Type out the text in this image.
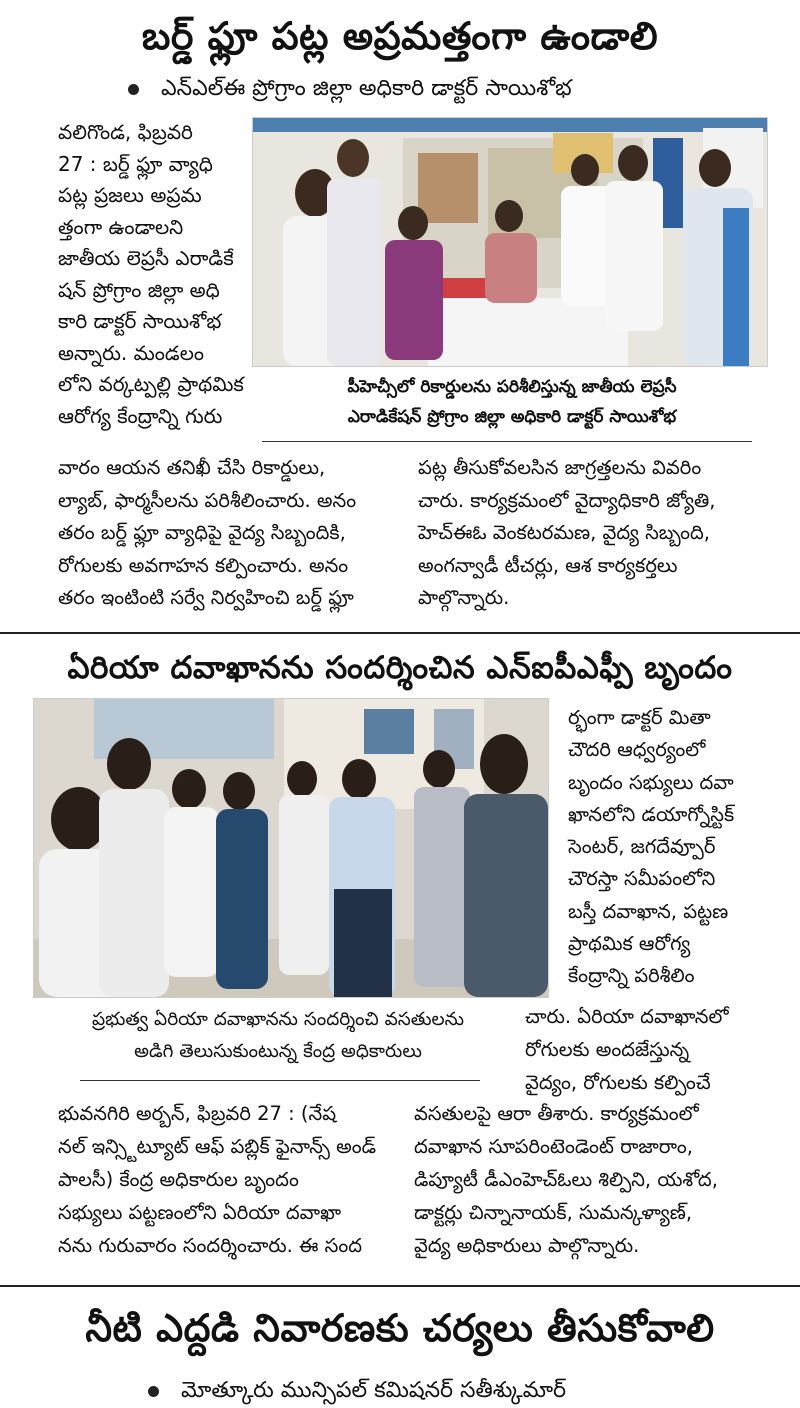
బర్డ్ ఫ్లూ పట్ల అప్రమత్తంగా ఉండాలి
ఎన్ఎల్ఈ ప్రోగ్రాం జిల్లా అధికారి డాక్టర్ సాయిశోభ
వలిగొండ, ఫిబ్రవరి
27 : బర్డ్ ఫ్లూ వ్యాధి
పట్ల ప్రజలు అప్రమ
త్తంగా ఉండాలని
జాతీయ లెప్రసీ ఎరాడికే
షన్ ప్రోగ్రాం జిల్లా అధి
కారి డాక్టర్ సాయిశోభ
అన్నారు. మండలం
లోని వర్కట్పల్లి ప్రాథమిక
ఆరోగ్య కేంద్రాన్ని గురు
పీహెచ్సీలో రికార్డులను పరిశీలిస్తున్న జాతీయ లెప్రసీ
ఎరాడికేషన్ ప్రోగ్రాం జిల్లా అధికారి డాక్టర్ సాయిశోభ
వారం ఆయన తనిఖీ చేసి రికార్డులు,
ల్యాబ్, ఫార్మసీలను పరిశీలించారు. అనం
తరం బర్డ్ ఫ్లూ వ్యాధిపై వైద్య సిబ్బందికి,
రోగులకు అవగాహన కల్పించారు. అనం
తరం ఇంటింటి సర్వే నిర్వహించి బర్డ్ ఫ్లూ
పట్ల తీసుకోవలసిన జాగ్రత్తలను వివరిం
చారు. కార్యక్రమంలో వైద్యాధికారి జ్యోతి,
హెచ్ఈఓ వెంకటరమణ, వైద్య సిబ్బంది,
అంగన్వాడీ టీచర్లు, ఆశ కార్యకర్తలు
పాల్గొన్నారు.
ఏరియా దవాఖానను సందర్శించిన ఎన్ఐపీఎఫ్పీ బృందం
ర్భంగా డాక్టర్ మితా
చౌదరి ఆధ్వర్యంలో
బృందం సభ్యులు దవా
ఖానలోని డయాగ్నోస్టిక్
సెంటర్, జగదేవ్పూర్
చౌరస్తా సమీపంలోని
బస్తీ దవాఖాన, పట్టణ
ప్రాథమిక ఆరోగ్య
కేంద్రాన్ని పరిశీలిం
చారు. ఏరియా దవాఖానలో
రోగులకు అందజేస్తున్న
వైద్యం, రోగులకు కల్పించే
ప్రభుత్వ ఏరియా దవాఖానను సందర్శించి వసతులను
అడిగి తెలుసుకుంటున్న కేంద్ర అధికారులు
భువనగిరి అర్బన్, ఫిబ్రవరి 27 : (నేష
నల్ ఇన్స్టిట్యూట్ ఆఫ్ పబ్లిక్ ఫైనాన్స్ అండ్
పాలసీ) కేంద్ర అధికారుల బృందం
సభ్యులు పట్టణంలోని ఏరియా దవాఖా
నను గురువారం సందర్శించారు. ఈ సంద
వసతులపై ఆరా తీశారు. కార్యక్రమంలో
దవాఖాన సూపరింటెండెంట్ రాజారాం,
డిప్యూటీ డీఎంహెచ్ఓలు శిల్పిని, యశోద,
డాక్టర్లు చిన్నానాయక్, సుమన్కళ్యాణ్,
వైద్య అధికారులు పాల్గొన్నారు.
నీటి ఎద్దడి నివారణకు చర్యలు తీసుకోవాలి
మోత్కూరు మున్సిపల్ కమిషనర్ సతీశ్కుమార్
